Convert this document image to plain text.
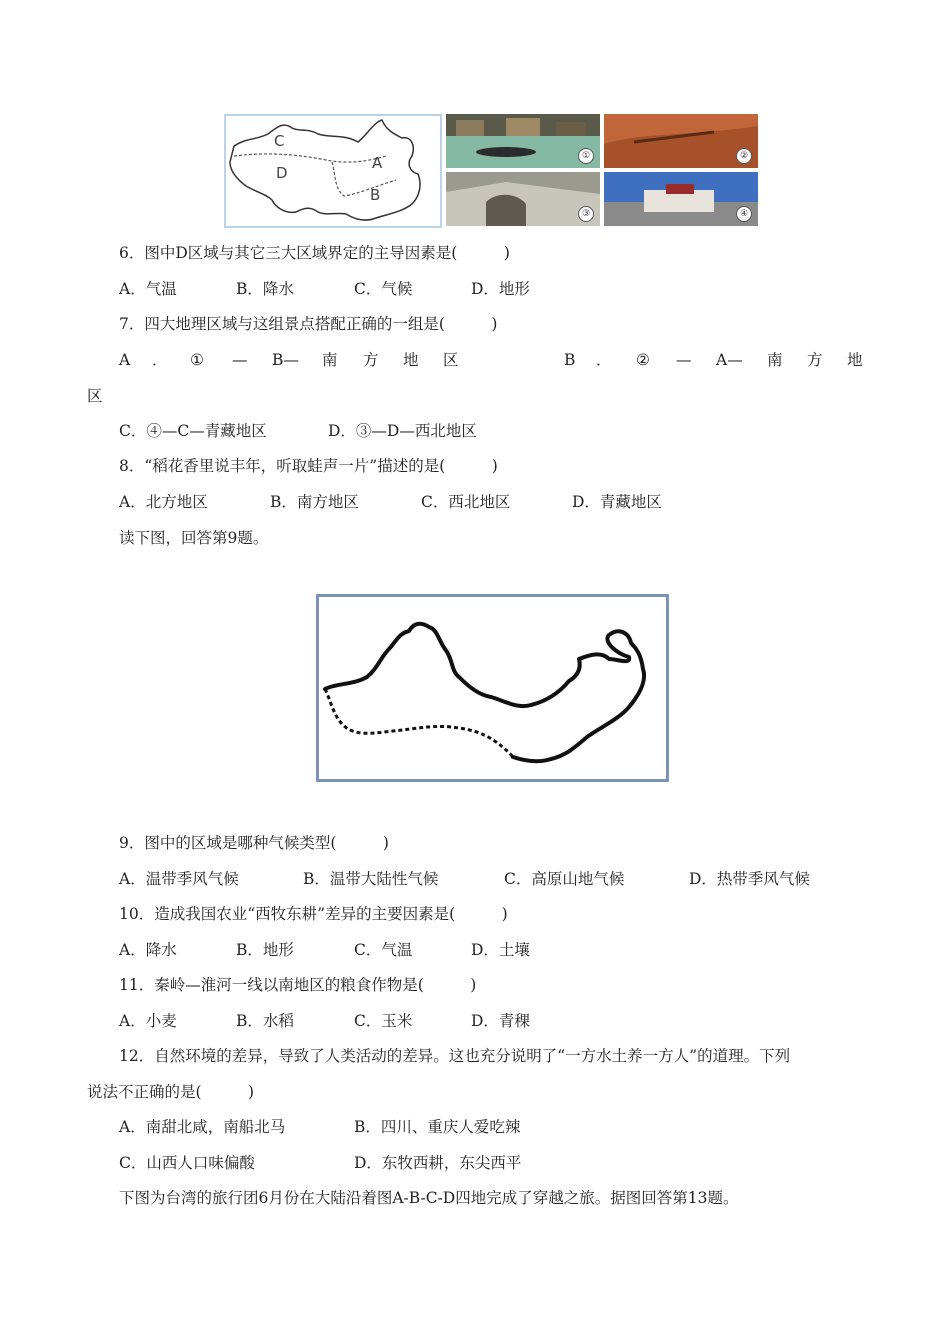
C
D
A
B
①	②
③	④
6．图中D区域与其它三大区域界定的主导因素是(　　　)
A．气温	B．降水	C．气候	D．地形
7．四大地理区域与这组景点搭配正确的一组是(　　　)
A ． ① — B— 南 方 地 区	B ． ② — A— 南 方 地
区
C．④—C—青藏地区	D．③—D—西北地区
8．“稻花香里说丰年，听取蛙声一片”描述的是(　　　)
A．北方地区	B．南方地区	C．西北地区	D．青藏地区
读下图，回答第9题。
9．图中的区域是哪种气候类型(　　　)
A．温带季风气候	B．温带大陆性气候	C．高原山地气候	D．热带季风气候
10．造成我国农业“西牧东耕”差异的主要因素是(　　　)
A．降水	B．地形	C．气温	D．土壤
11．秦岭—淮河一线以南地区的粮食作物是(　　　)
A．小麦	B．水稻	C．玉米	D．青稞
12．自然环境的差异，导致了人类活动的差异。这也充分说明了“一方水土养一方人”的道理。下列
说法不正确的是(　　　)
A．南甜北咸，南船北马	B．四川、重庆人爱吃辣
C．山西人口味偏酸	D．东牧西耕，东尖西平
下图为台湾的旅行团6月份在大陆沿着图A-B-C-D四地完成了穿越之旅。据图回答第13题。
